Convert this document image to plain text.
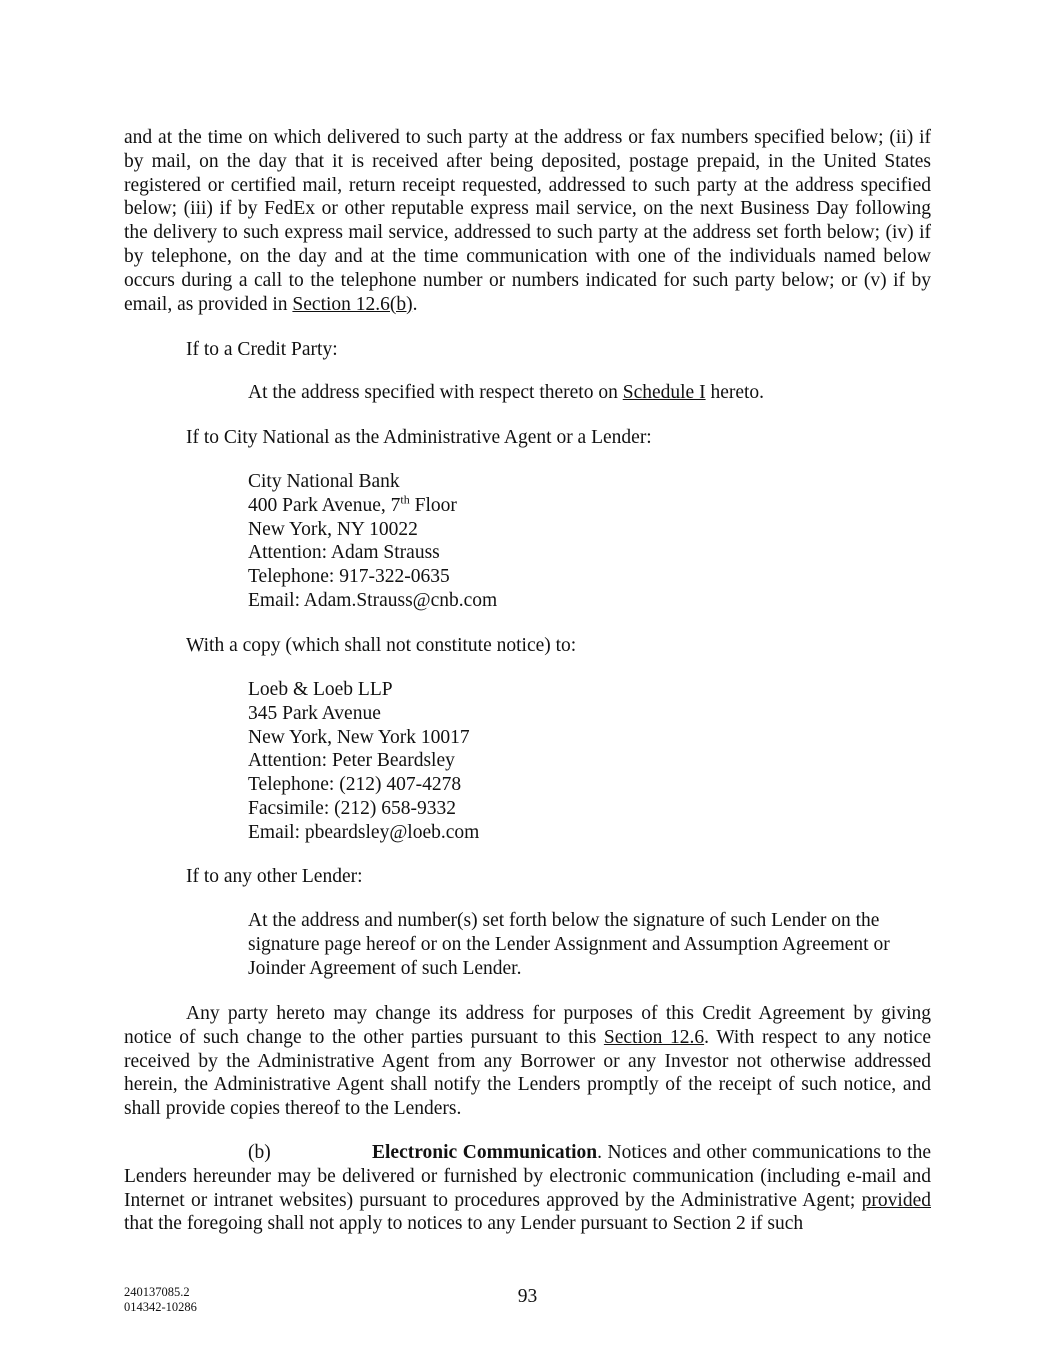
and at the time on which delivered to such party at the address or fax numbers specified below; (ii) if by mail, on the day that it is received after being deposited, postage prepaid, in the United States registered or certified mail, return receipt requested, addressed to such party at the address specified below; (iii) if by FedEx or other reputable express mail service, on the next Business Day following the delivery to such express mail service, addressed to such party at the address set forth below; (iv) if by telephone, on the day and at the time communication with one of the individuals named below occurs during a call to the telephone number or numbers indicated for such party below; or (v) if by email, as provided in Section 12.6(b).

If to a Credit Party:

At the address specified with respect thereto on Schedule I hereto.

If to City National as the Administrative Agent or a Lender:

City National Bank
400 Park Avenue, 7th Floor
New York, NY 10022
Attention: Adam Strauss
Telephone: 917-322-0635
Email: Adam.Strauss@cnb.com

With a copy (which shall not constitute notice) to:

Loeb & Loeb LLP
345 Park Avenue
New York, New York 10017
Attention: Peter Beardsley
Telephone: (212) 407-4278
Facsimile: (212) 658-9332
Email: pbeardsley@loeb.com

If to any other Lender:

At the address and number(s) set forth below the signature of such Lender on the signature page hereof or on the Lender Assignment and Assumption Agreement or Joinder Agreement of such Lender.

Any party hereto may change its address for purposes of this Credit Agreement by giving notice of such change to the other parties pursuant to this Section 12.6. With respect to any notice received by the Administrative Agent from any Borrower or any Investor not otherwise addressed herein, the Administrative Agent shall notify the Lenders promptly of the receipt of such notice, and shall provide copies thereof to the Lenders.

(b)	Electronic Communication. Notices and other communications to the Lenders hereunder may be delivered or furnished by electronic communication (including e-mail and Internet or intranet websites) pursuant to procedures approved by the Administrative Agent; provided that the foregoing shall not apply to notices to any Lender pursuant to Section 2 if such

240137085.2
014342-10286	93
